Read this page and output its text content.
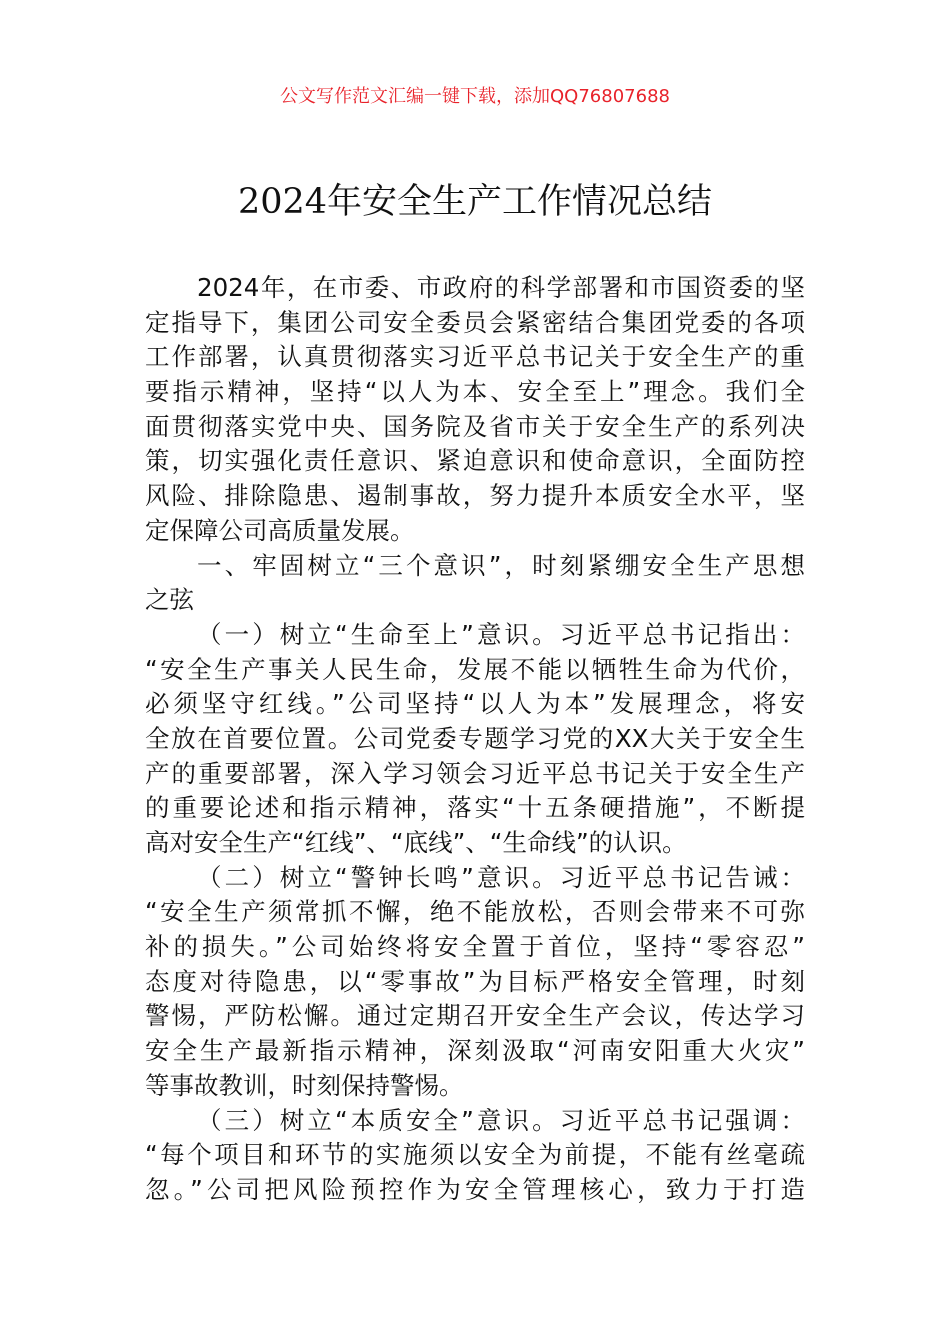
公文写作范文汇编一键下载，添加QQ76807688
2024年安全生产工作情况总结
2024年，在市委、市政府的科学部署和市国资委的坚
定指导下，集团公司安全委员会紧密结合集团党委的各项
工作部署，认真贯彻落实习近平总书记关于安全生产的重
要指示精神，坚持“以人为本、安全至上”理念。我们全
面贯彻落实党中央、国务院及省市关于安全生产的系列决
策，切实强化责任意识、紧迫意识和使命意识，全面防控
风险、排除隐患、遏制事故，努力提升本质安全水平，坚
定保障公司高质量发展。
一、牢固树立“三个意识”，时刻紧绷安全生产思想
之弦
（一）树立“生命至上”意识。习近平总书记指出：
“安全生产事关人民生命，发展不能以牺牲生命为代价，
必须坚守红线。”公司坚持“以人为本”发展理念，将安
全放在首要位置。公司党委专题学习党的XX大关于安全生
产的重要部署，深入学习领会习近平总书记关于安全生产
的重要论述和指示精神，落实“十五条硬措施”，不断提
高对安全生产“红线”、“底线”、“生命线”的认识。
（二）树立“警钟长鸣”意识。习近平总书记告诫：
“安全生产须常抓不懈，绝不能放松，否则会带来不可弥
补的损失。”公司始终将安全置于首位，坚持“零容忍”
态度对待隐患，以“零事故”为目标严格安全管理，时刻
警惕，严防松懈。通过定期召开安全生产会议，传达学习
安全生产最新指示精神，深刻汲取“河南安阳重大火灾”
等事故教训，时刻保持警惕。
（三）树立“本质安全”意识。习近平总书记强调：
“每个项目和环节的实施须以安全为前提，不能有丝毫疏
忽。”公司把风险预控作为安全管理核心，致力于打造
